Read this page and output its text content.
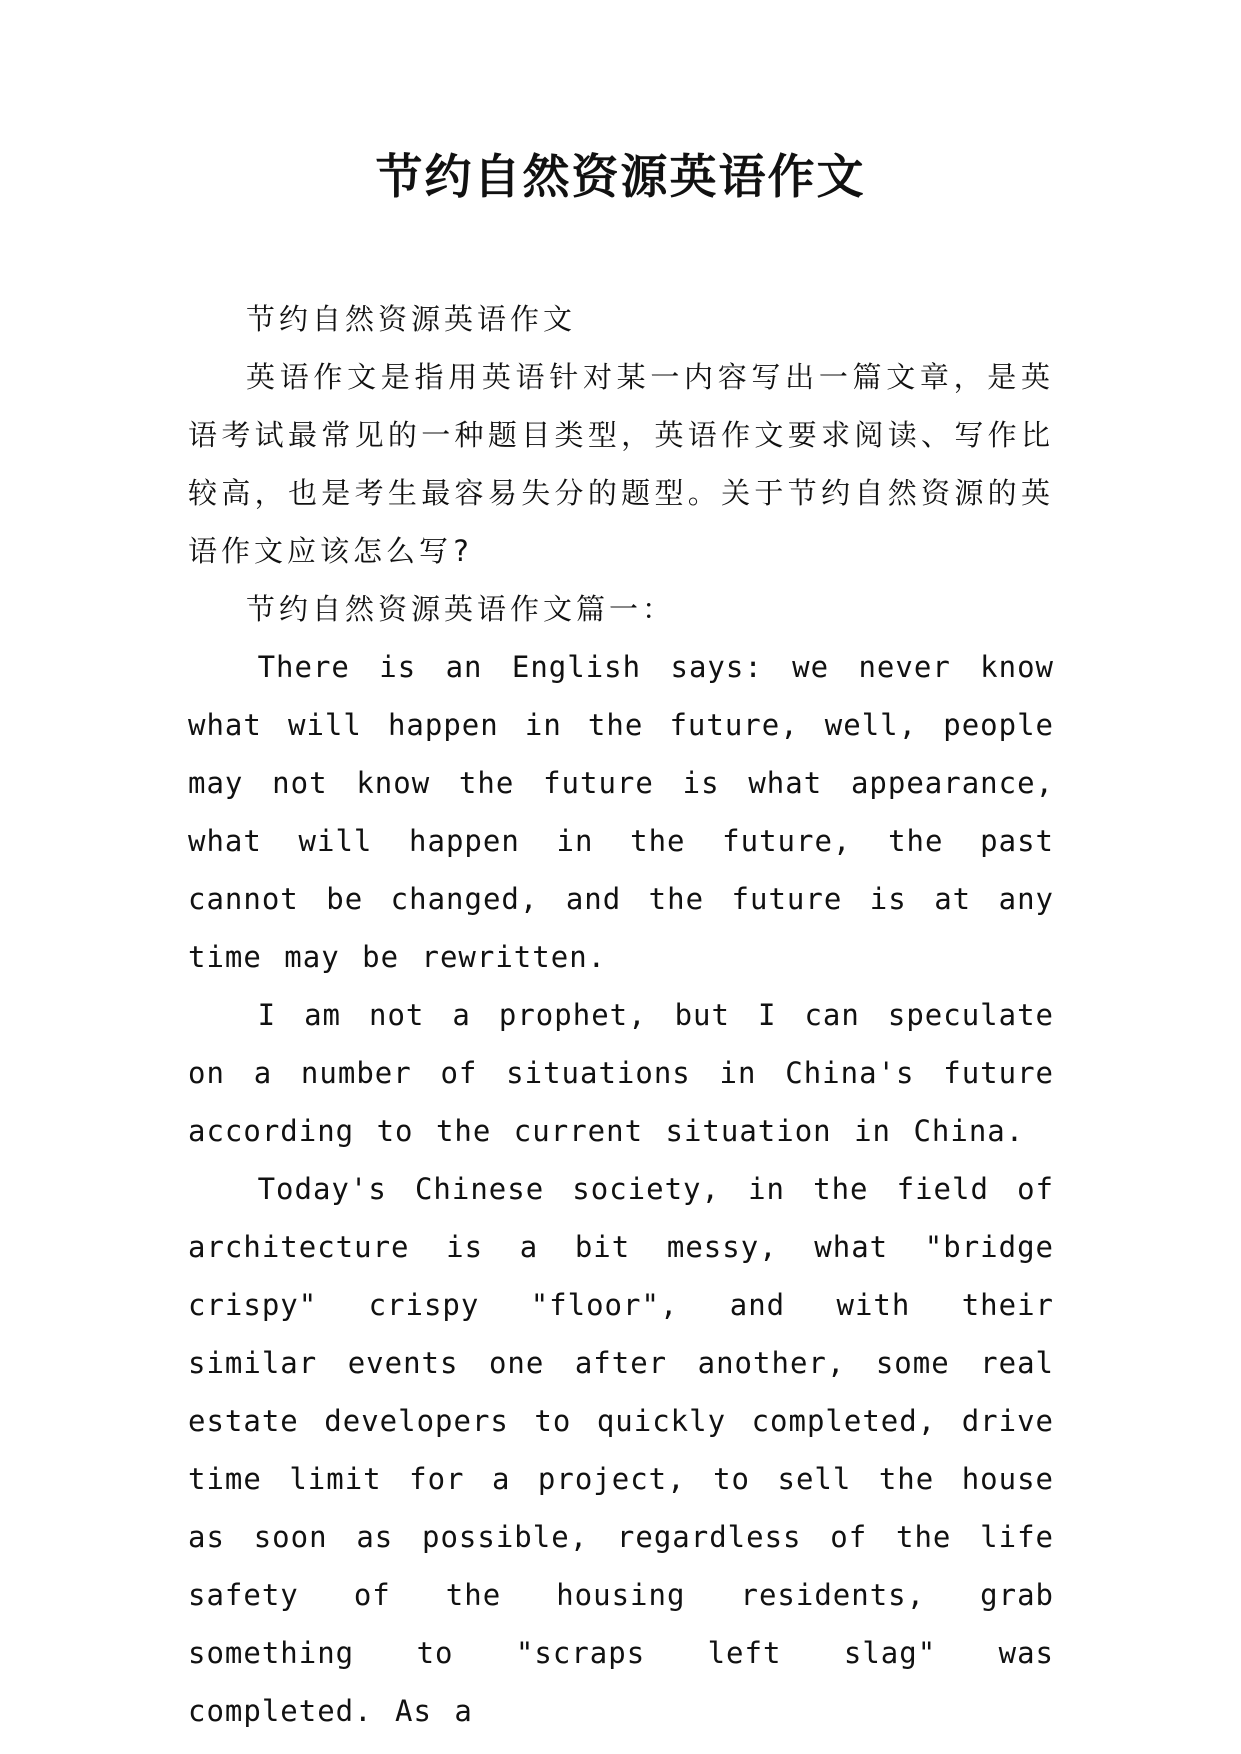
节约自然资源英语作文

节约自然资源英语作文

英语作文是指用英语针对某一内容写出一篇文章，是英语考试最常见的一种题目类型，英语作文要求阅读、写作比较高，也是考生最容易失分的题型。关于节约自然资源的英语作文应该怎么写?

节约自然资源英语作文篇一：

There is an English says: we never know what will happen in the future, well, people may not know the future is what appearance, what will happen in the future, the past cannot be changed, and the future is at any time may be rewritten.

I am not a prophet, but I can speculate on a number of situations in China's future according to the current situation in China.

Today's Chinese society, in the field of architecture is a bit messy, what "bridge crispy" crispy "floor", and with their similar events one after another, some real estate developers to quickly completed, drive time limit for a project, to sell the house as soon as possible, regardless of the life safety of the housing residents, grab something to "scraps left slag" was completed. As a
